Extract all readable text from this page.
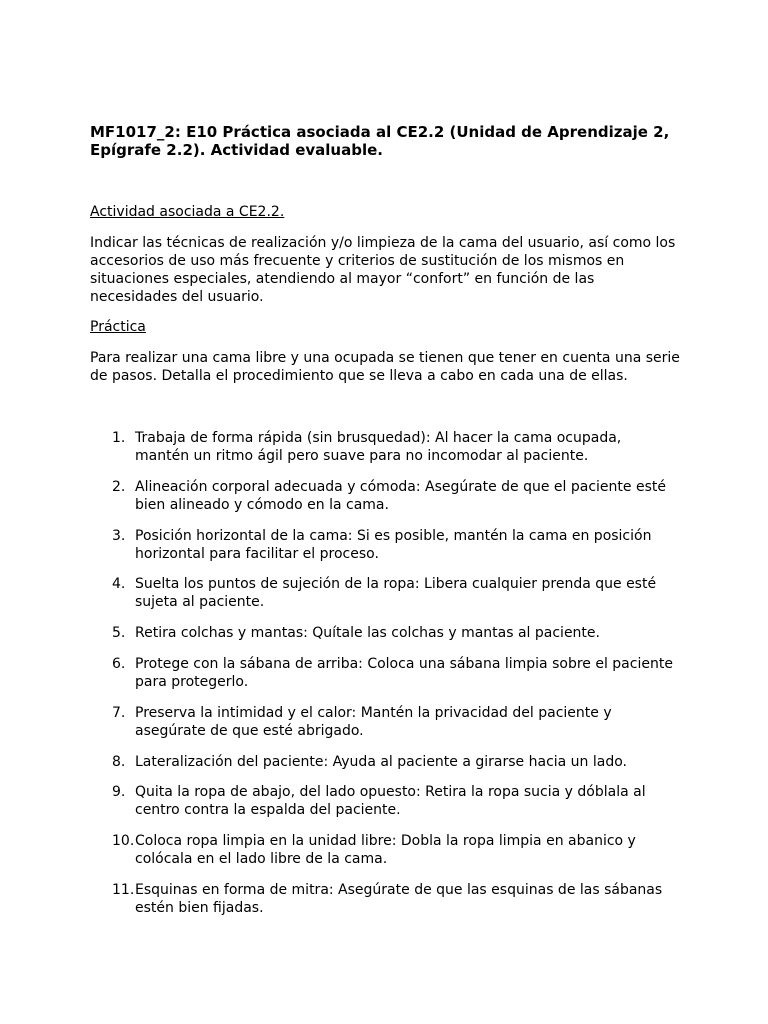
MF1017_2: E10 Práctica asociada al CE2.2 (Unidad de Aprendizaje 2, Epígrafe 2.2). Actividad evaluable.

Actividad asociada a CE2.2.

Indicar las técnicas de realización y/o limpieza de la cama del usuario, así como los accesorios de uso más frecuente y criterios de sustitución de los mismos en situaciones especiales, atendiendo al mayor “confort” en función de las necesidades del usuario.

Práctica

Para realizar una cama libre y una ocupada se tienen que tener en cuenta una serie de pasos. Detalla el procedimiento que se lleva a cabo en cada una de ellas.

1. Trabaja de forma rápida (sin brusquedad): Al hacer la cama ocupada, mantén un ritmo ágil pero suave para no incomodar al paciente.
2. Alineación corporal adecuada y cómoda: Asegúrate de que el paciente esté bien alineado y cómodo en la cama.
3. Posición horizontal de la cama: Si es posible, mantén la cama en posición horizontal para facilitar el proceso.
4. Suelta los puntos de sujeción de la ropa: Libera cualquier prenda que esté sujeta al paciente.
5. Retira colchas y mantas: Quítale las colchas y mantas al paciente.
6. Protege con la sábana de arriba: Coloca una sábana limpia sobre el paciente para protegerlo.
7. Preserva la intimidad y el calor: Mantén la privacidad del paciente y asegúrate de que esté abrigado.
8. Lateralización del paciente: Ayuda al paciente a girarse hacia un lado.
9. Quita la ropa de abajo, del lado opuesto: Retira la ropa sucia y dóblala al centro contra la espalda del paciente.
10. Coloca ropa limpia en la unidad libre: Dobla la ropa limpia en abanico y colócala en el lado libre de la cama.
11. Esquinas en forma de mitra: Asegúrate de que las esquinas de las sábanas estén bien fijadas.
